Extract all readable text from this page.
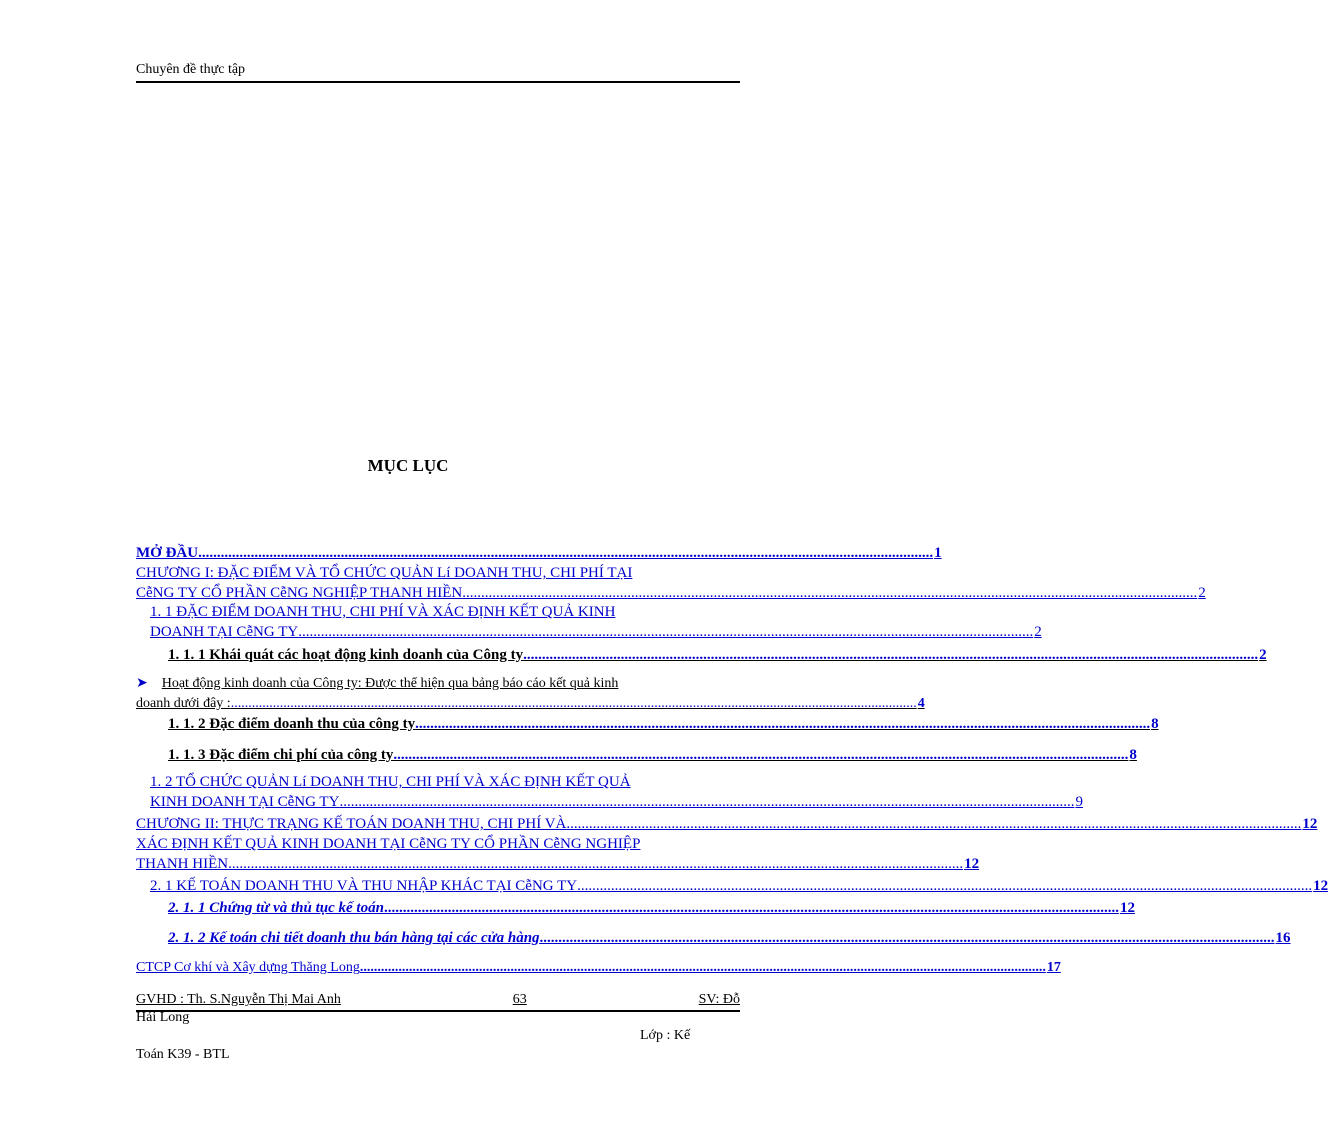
Chuyên đề thực tập
MỤC LỤC
MỞ ĐẦU .................................................................................................................................................................................................... 1
CHƯƠNG I: ĐẶC ĐIỂM VÀ TỔ CHỨC QUẢN Lí DOANH THU, CHI PHÍ TẠI
CễNG TY CỔ PHẦN CễNG NGHIỆP THANH HIỀN .................................................................................................................................................................................................... 2
1. 1 ĐẶC ĐIỂM DOANH THU, CHI PHÍ VÀ XÁC ĐỊNH KẾT QUẢ KINH
DOANH TẠI CễNG TY .................................................................................................................................................................................................... 2
1. 1. 1 Khái quát các hoạt động kinh doanh của Công ty .................................................................................................................................................................................................... 2
➤ Hoạt động kinh doanh của Công ty: Được thể hiện qua bảng báo cáo kết quả kinh
doanh dưới đây : .................................................................................................................................................................................................... 4
1. 1. 2 Đặc điểm doanh thu của công ty .................................................................................................................................................................................................... 8
1. 1. 3 Đặc điểm chi phí của công ty .................................................................................................................................................................................................... 8
1. 2 TỔ CHỨC QUẢN Lí DOANH THU, CHI PHÍ VÀ XÁC ĐỊNH KẾT QUẢ
KINH DOANH TẠI CễNG TY .................................................................................................................................................................................................... 9
CHƯƠNG II: THỰC TRẠNG KẾ TOÁN DOANH THU, CHI PHÍ VÀ .................................................................................................................................................................................................... 12
XÁC ĐỊNH KẾT QUẢ KINH DOANH TẠI CễNG TY CỔ PHẦN CễNG NGHIỆP
THANH HIỀN .................................................................................................................................................................................................... 12
2. 1 KẾ TOÁN DOANH THU VÀ THU NHẬP KHÁC TẠI CễNG TY .................................................................................................................................................................................................... 12
2. 1. 1 Chứng từ và thủ tục kế toán .................................................................................................................................................................................................... 12
2. 1. 2 Kế toán chi tiết doanh thu bán hàng tại các cửa hàng .................................................................................................................................................................................................... 16
CTCP Cơ khí và Xây dựng Thăng Long .................................................................................................................................................................................................... 17
GVHD : Th. S.Nguyễn Thị Mai Anh	63	SV: Đỗ
Hải Long
Lớp : Kế
Toán K39 - BTL
